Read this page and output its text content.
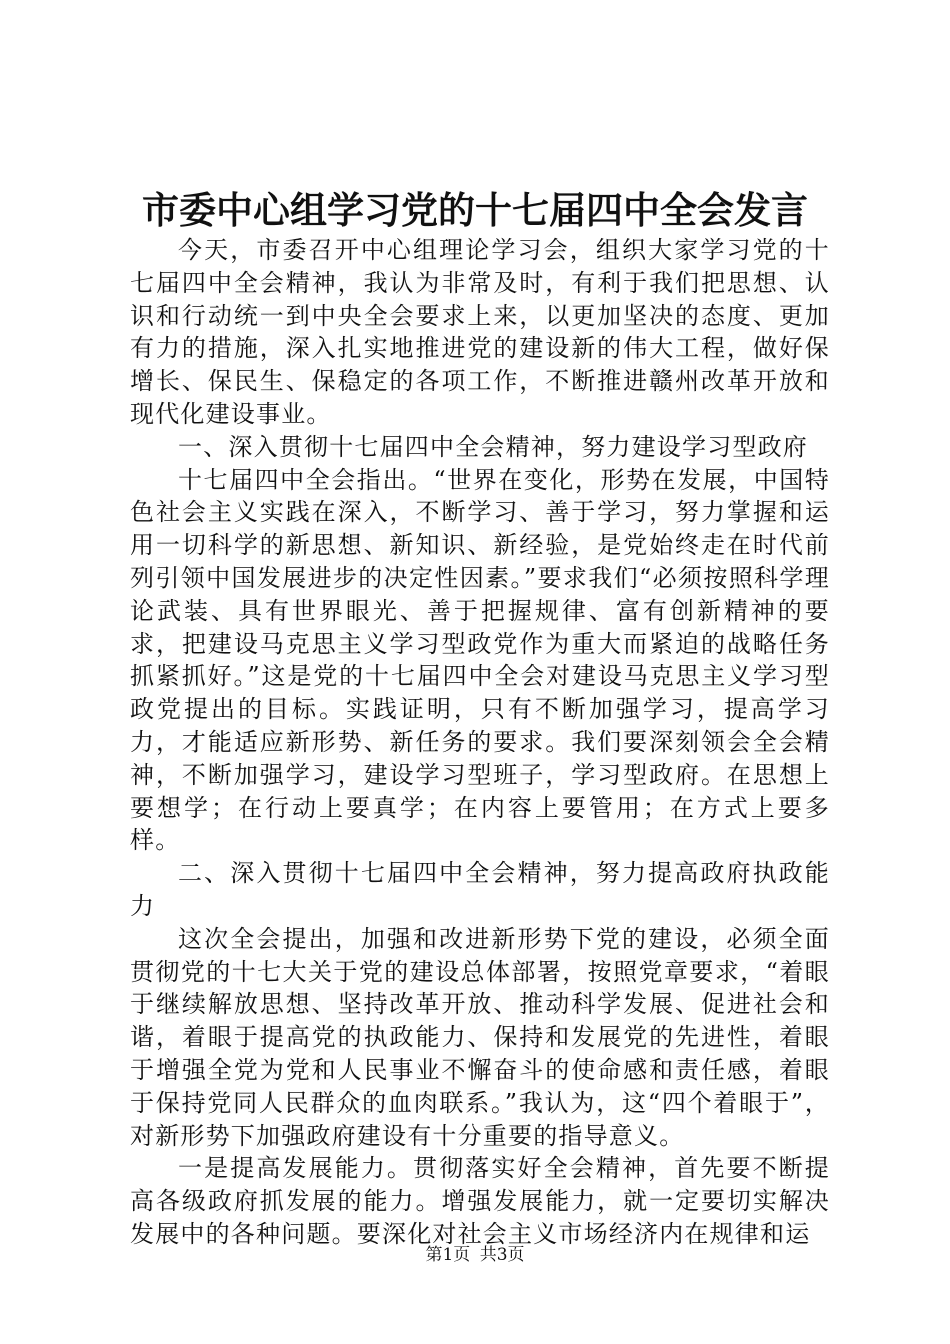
市委中心组学习党的十七届四中全会发言

今天，市委召开中心组理论学习会，组织大家学习党的十七届四中全会精神，我认为非常及时，有利于我们把思想、认识和行动统一到中央全会要求上来，以更加坚决的态度、更加有力的措施，深入扎实地推进党的建设新的伟大工程，做好保增长、保民生、保稳定的各项工作，不断推进赣州改革开放和现代化建设事业。

一、深入贯彻十七届四中全会精神，努力建设学习型政府

十七届四中全会指出。“世界在变化，形势在发展，中国特色社会主义实践在深入，不断学习、善于学习，努力掌握和运用一切科学的新思想、新知识、新经验，是党始终走在时代前列引领中国发展进步的决定性因素。”要求我们“必须按照科学理论武装、具有世界眼光、善于把握规律、富有创新精神的要求，把建设马克思主义学习型政党作为重大而紧迫的战略任务抓紧抓好。”这是党的十七届四中全会对建设马克思主义学习型政党提出的目标。实践证明，只有不断加强学习，提高学习力，才能适应新形势、新任务的要求。我们要深刻领会全会精神，不断加强学习，建设学习型班子，学习型政府。在思想上要想学；在行动上要真学；在内容上要管用；在方式上要多样。

二、深入贯彻十七届四中全会精神，努力提高政府执政能力

这次全会提出，加强和改进新形势下党的建设，必须全面贯彻党的十七大关于党的建设总体部署，按照党章要求，“着眼于继续解放思想、坚持改革开放、推动科学发展、促进社会和谐，着眼于提高党的执政能力、保持和发展党的先进性，着眼于增强全党为党和人民事业不懈奋斗的使命感和责任感，着眼于保持党同人民群众的血肉联系。”我认为，这“四个着眼于”，对新形势下加强政府建设有十分重要的指导意义。

一是提高发展能力。贯彻落实好全会精神，首先要不断提高各级政府抓发展的能力。增强发展能力，就一定要切实解决发展中的各种问题。要深化对社会主义市场经济内在规律和运

第1页 共3页
